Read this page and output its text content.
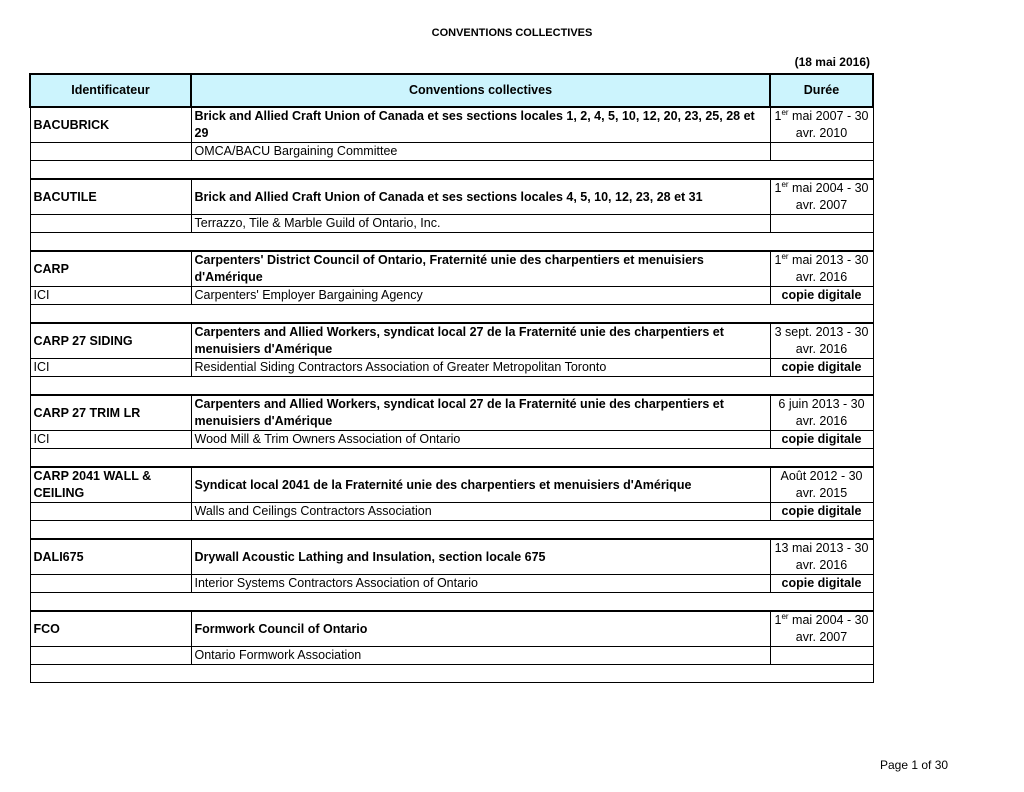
CONVENTIONS COLLECTIVES
(18 mai 2016)
Identificateur	Conventions collectives	Durée
BACUBRICK	Brick and Allied Craft Union of Canada et ses sections locales 1, 2, 4, 5, 10, 12, 20, 23, 25, 28 et 29	1er mai 2007 - 30 avr. 2010
	OMCA/BACU Bargaining Committee	

BACUTILE	Brick and Allied Craft Union of Canada et ses sections locales 4, 5, 10, 12, 23, 28 et 31	1er mai 2004 - 30 avr. 2007
	Terrazzo, Tile & Marble Guild of Ontario, Inc.	

CARP	Carpenters' District Council of Ontario, Fraternité unie des charpentiers et menuisiers d'Amérique	1er mai 2013 - 30 avr. 2016
ICI	Carpenters' Employer Bargaining Agency	copie digitale

CARP 27 SIDING	Carpenters and Allied Workers, syndicat local 27 de la Fraternité unie des charpentiers et menuisiers d'Amérique	3 sept. 2013 - 30 avr. 2016
ICI	Residential Siding Contractors Association of Greater Metropolitan Toronto	copie digitale

CARP 27 TRIM LR	Carpenters and Allied Workers, syndicat local 27 de la Fraternité unie des charpentiers et menuisiers d'Amérique	6 juin 2013 - 30 avr. 2016
ICI	Wood Mill & Trim Owners Association of Ontario	copie digitale

CARP 2041 WALL & CEILING	Syndicat local 2041 de la Fraternité unie des charpentiers et menuisiers d'Amérique	Août 2012 - 30 avr. 2015
	Walls and Ceilings Contractors Association	copie digitale

DALI675	Drywall Acoustic Lathing and Insulation, section locale 675	13 mai 2013 - 30 avr. 2016
	Interior Systems Contractors Association of Ontario	copie digitale

FCO	Formwork Council of Ontario	1er mai 2004 - 30 avr. 2007
	Ontario Formwork Association	

Page 1 of 30
